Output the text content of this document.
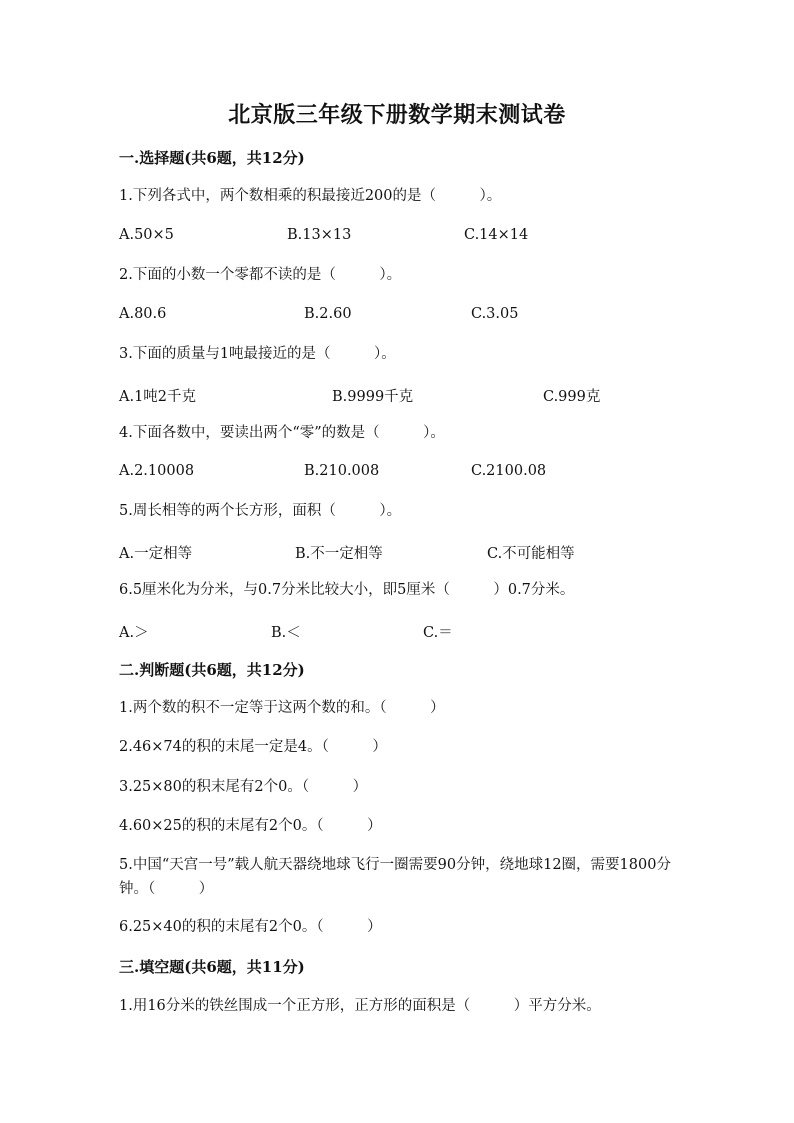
北京版三年级下册数学期末测试卷
一.选择题(共6题，共12分)
1.下列各式中，两个数相乘的积最接近200的是（　　　）。
A.50×5	B.13×13	C.14×14
2.下面的小数一个零都不读的是（　　　）。
A.80.6	B.2.60	C.3.05
3.下面的质量与1吨最接近的是（　　　）。
A.1吨2千克	B.9999千克	C.999克
4.下面各数中，要读出两个“零”的数是（　　　）。
A.2.10008	B.210.008	C.2100.08
5.周长相等的两个长方形，面积（　　　）。
A.一定相等	B.不一定相等	C.不可能相等
6.5厘米化为分米，与0.7分米比较大小，即5厘米（　　　）0.7分米。
A.＞	B.＜	C.＝
二.判断题(共6题，共12分)
1.两个数的积不一定等于这两个数的和。（　　　）
2.46×74的积的末尾一定是4。（　　　）
3.25×80的积末尾有2个0。（　　　）
4.60×25的积的末尾有2个0。（　　　）
5.中国“天宫一号”载人航天器绕地球飞行一圈需要90分钟，绕地球12圈，需要1800分钟。（　　　）
6.25×40的积的末尾有2个0。（　　　）
三.填空题(共6题，共11分)
1.用16分米的铁丝围成一个正方形，正方形的面积是（　　　）平方分米。
